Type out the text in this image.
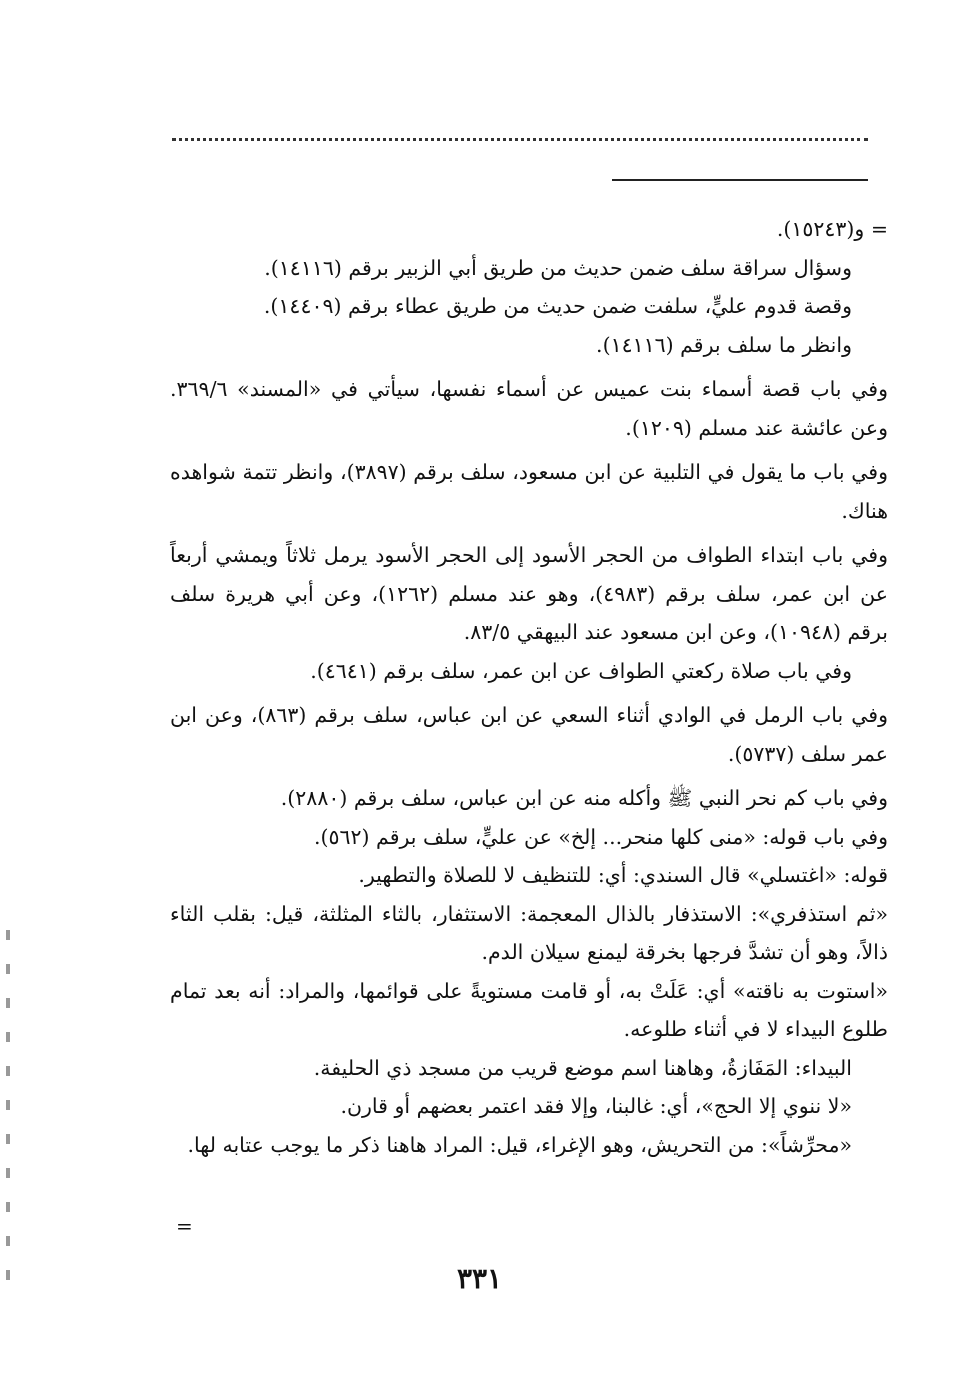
= و(١٥٢٤٣).

وسؤال سراقة سلف ضمن حديث من طريق أبي الزبير برقم (١٤١١٦).

وقصة قدوم عليٍّ، سلفت ضمن حديث من طريق عطاء برقم (١٤٤٠٩).

وانظر ما سلف برقم (١٤١١٦).

وفي باب قصة أسماء بنت عميس عن أسماء نفسها، سيأتي في «المسند» ٣٦٩/٦. وعن عائشة عند مسلم (١٢٠٩).

وفي باب ما يقول في التلبية عن ابن مسعود، سلف برقم (٣٨٩٧)، وانظر تتمة شواهده هناك.

وفي باب ابتداء الطواف من الحجر الأسود إلى الحجر الأسود يرمل ثلاثاً ويمشي أربعاً عن ابن عمر، سلف برقم (٤٩٨٣)، وهو عند مسلم (١٢٦٢)، وعن أبي هريرة سلف برقم (١٠٩٤٨)، وعن ابن مسعود عند البيهقي ٨٣/٥.

وفي باب صلاة ركعتي الطواف عن ابن عمر، سلف برقم (٤٦٤١).

وفي باب الرمل في الوادي أثناء السعي عن ابن عباس، سلف برقم (٨٦٣)، وعن ابن عمر سلف (٥٧٣٧).

وفي باب كم نحر النبي ﷺ وأكله منه عن ابن عباس، سلف برقم (٢٨٨٠).

وفي باب قوله: «منى كلها منحر... إلخ» عن عليٍّ، سلف برقم (٥٦٢).

قوله: «اغتسلي» قال السندي: أي: للتنظيف لا للصلاة والتطهير.

«ثم استذفري»: الاستذفار بالذال المعجمة: الاستثفار، بالثاء المثلثة، قيل: بقلب الثاء ذالاً، وهو أن تشدَّ فرجها بخرقة ليمنع سيلان الدم.

«استوت به ناقته» أي: عَلَتْ به، أو قامت مستويةً على قوائمها، والمراد: أنه بعد تمام طلوع البيداء لا في أثناء طلوعه.

البيداء: المَفَازةُ، وهاهنا اسم موضع قريب من مسجد ذي الحليفة.

«لا ننوي إلا الحج»، أي: غالبنا، وإلا فقد اعتمر بعضهم أو قارن.

«محرِّشاً»: من التحريش، وهو الإغراء، قيل: المراد هاهنا ذكر ما يوجب عتابه لها.

=
٣٣١
